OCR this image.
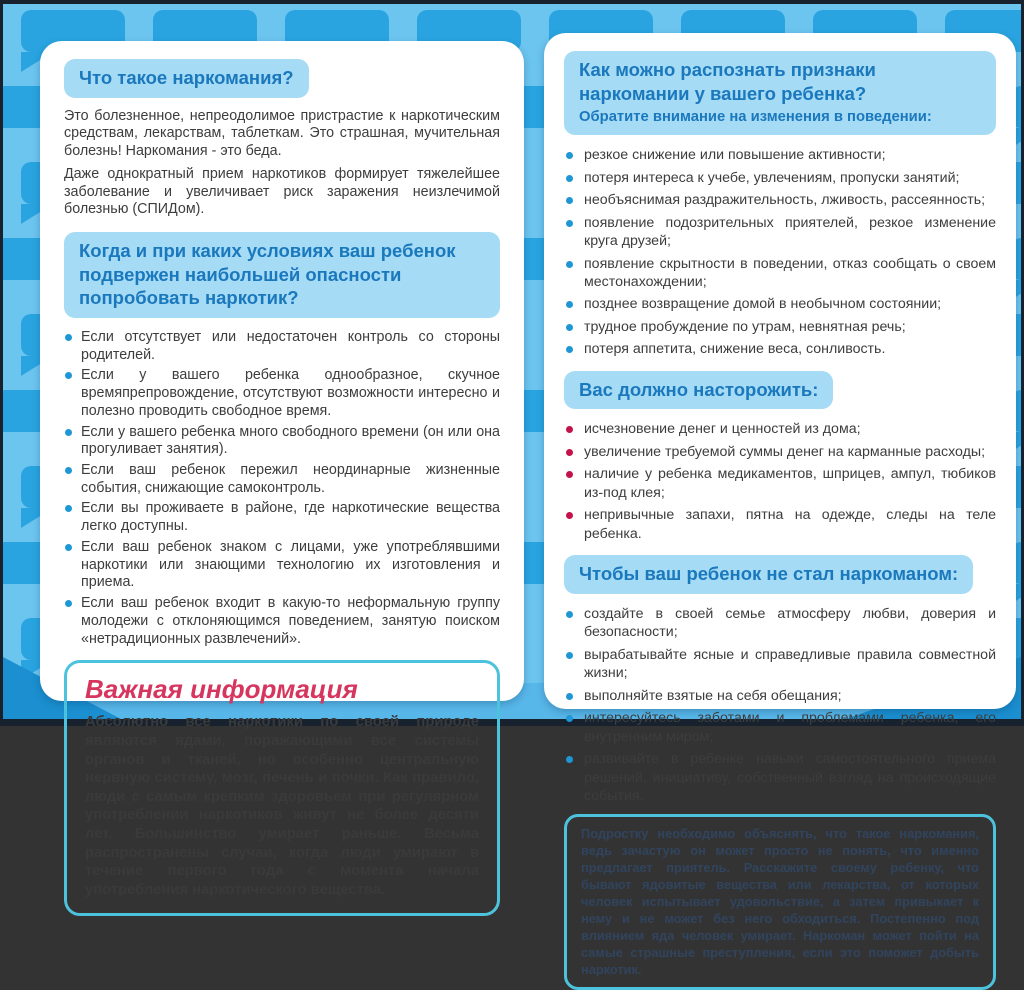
Что такое наркомания?

Это болезненное, непреодолимое пристрастие к наркотическим средствам, лекарствам, таблеткам. Это страшная, мучительная болезнь! Наркомания - это беда.

Даже однократный прием наркотиков формирует тяжелейшее заболевание и увеличивает риск заражения неизлечимой болезнью (СПИДом).

Когда и при каких условиях ваш ребенок подвержен наибольшей опасности попробовать наркотик?
Если отсутствует или недостаточен контроль со стороны родителей.
Если у вашего ребенка однообразное, скучное времяпрепровождение, отсутствуют возможности интересно и полезно проводить свободное время.
Если у вашего ребенка много свободного времени (он или она прогуливает занятия).
Если ваш ребенок пережил неординарные жизненные события, снижающие самоконтроль.
Если вы проживаете в районе, где наркотические вещества легко доступны.
Если ваш ребенок знаком с лицами, уже употреблявшими наркотики или знающими технологию их изготовления и приема.
Если ваш ребенок входит в какую-то неформальную группу молодежи с отклоняющимся поведением, занятую поиском «нетрадиционных развлечений».
Важная информация
Абсолютно все наркотики по своей природе являются ядами, поражающими все системы органов и тканей, но особенно центральную нервную систему, мозг, печень и почки. Как правило, люди с самым крепким здоровьем при регулярном употреблении наркотиков живут не более десяти лет. Большинство умирает раньше. Весьма распространены случаи, когда люди умирают в течение первого года с момента начала употребления наркотического вещества.
Как можно распознать признаки наркомании у вашего ребенка?
Обратите внимание на изменения в поведении:
резкое снижение или повышение активности;
потеря интереса к учебе, увлечениям, пропуски занятий;
необъяснимая раздражительность, лживость, рассеянность;
появление подозрительных приятелей, резкое изменение круга друзей;
появление скрытности в поведении, отказ сообщать о своем местонахождении;
позднее возвращение домой в необычном состоянии;
трудное пробуждение по утрам, невнятная речь;
потеря аппетита, снижение веса, сонливость.
Вас должно насторожить:
исчезновение денег и ценностей из дома;
увеличение требуемой суммы денег на карманные расходы;
наличие у ребенка медикаментов, шприцев, ампул, тюбиков из-под клея;
непривычные запахи, пятна на одежде, следы на теле ребенка.
Чтобы ваш ребенок не стал наркоманом:
создайте в своей семье атмосферу любви, доверия и безопасности;
вырабатывайте ясные и справедливые правила совместной жизни;
выполняйте взятые на себя обещания;
интересуйтесь заботами и проблемами ребенка, его внутренним миром;
развивайте в ребенке навыки самостоятельного приема решений, инициативу, собственный взгляд на происходящие события.
Подростку необходимо объяснять, что такое наркомания, ведь зачастую он может просто не понять, что именно предлагает приятель. Расскажите своему ребенку, что бывают ядовитые вещества или лекарства, от которых человек испытывает удовольствие, а затем привыкает к нему и не может без него обходиться. Постепенно под влиянием яда человек умирает. Наркоман может пойти на самые страшные преступления, если это поможет добыть наркотик.
